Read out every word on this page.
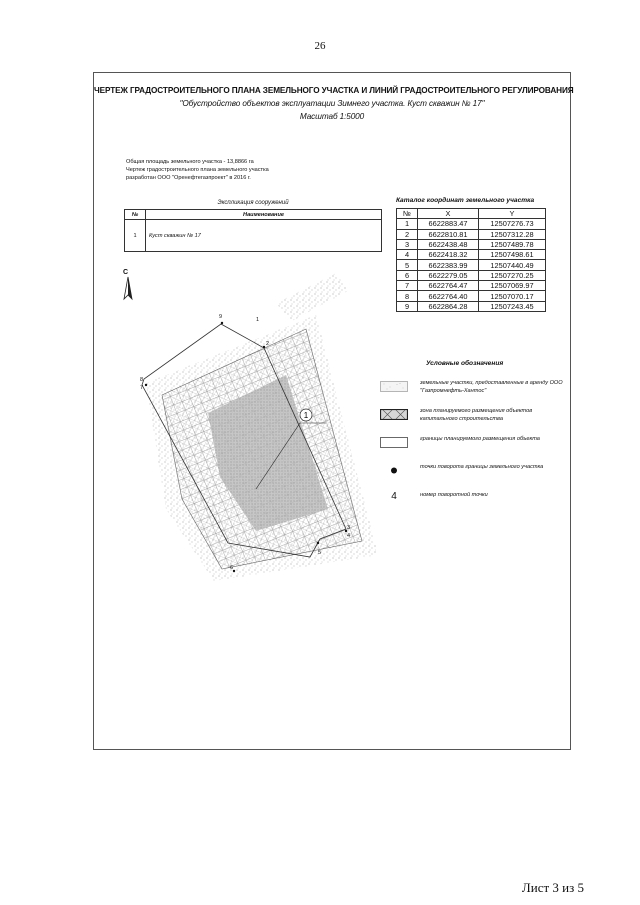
26
ЧЕРТЕЖ ГРАДОСТРОИТЕЛЬНОГО ПЛАНА ЗЕМЕЛЬНОГО УЧАСТКА И ЛИНИЙ ГРАДОСТРОИТЕЛЬНОГО РЕГУЛИРОВАНИЯ
"Обустройство объектов эксплуатации Зимнего участка. Куст скважин № 17"
Масштаб 1:5000
Общая площадь земельного участка - 13,8866 га
Чертеж градостроительного плана земельного участка
разработан ООО "Оренефтегазпроект" в 2016 г.
Экспликация сооружений
№	Наименование
1	Куст скважин № 17
Каталог координат земельного участка
№	X	Y
1	6622883.47	12507276.73
2	6622810.81	12507312.28
3	6622438.48	12507489.78
4	6622418.32	12507498.61
5	6622383.99	12507440.49
6	6622279.05	12507270.25
7	6622764.47	12507069.97
8	6622764.40	12507070.17
9	6622864.28	12507243.45
Условные обозначения
земельные участки, предоставленные в аренду ООО "Газпромнефть-Хантос"
зона планируемого размещения объектов капитального строительства
границы планируемого размещения объекта
точки поворота границы земельного участка
4	номер поворотной точки
С
1
9
2
8
7
3
4
5
6
1
Лист 3 из 5
